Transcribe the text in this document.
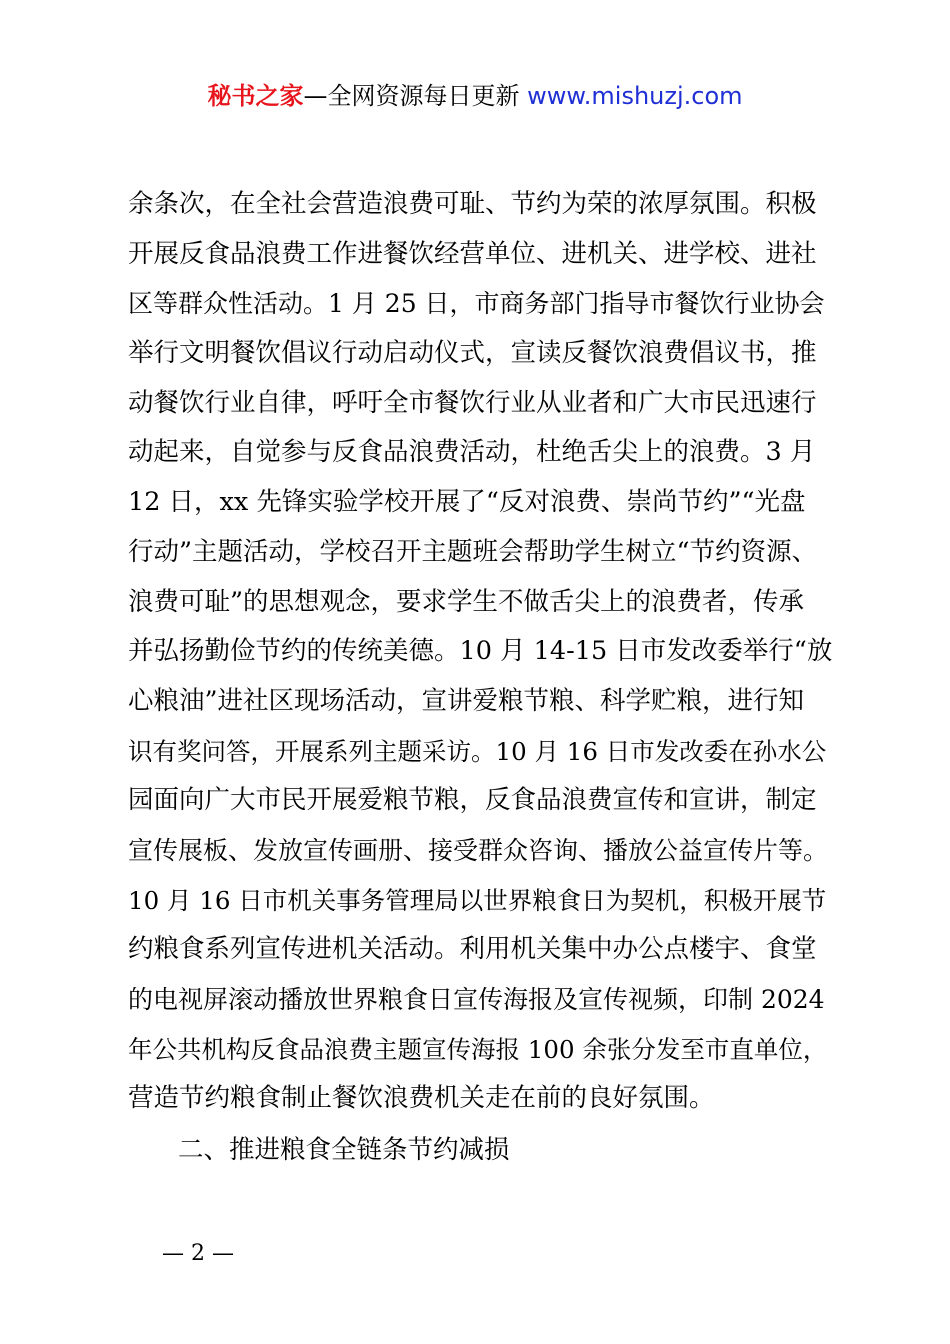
秘书之家—全网资源每日更新 www.mishuzj.com
余条次，在全社会营造浪费可耻、节约为荣的浓厚氛围。积极
开展反食品浪费工作进餐饮经营单位、进机关、进学校、进社
区等群众性活动。1 月 25 日，市商务部门指导市餐饮行业协会
举行文明餐饮倡议行动启动仪式，宣读反餐饮浪费倡议书，推
动餐饮行业自律，呼吁全市餐饮行业从业者和广大市民迅速行
动起来，自觉参与反食品浪费活动，杜绝舌尖上的浪费。3 月
12 日，xx 先锋实验学校开展了“反对浪费、崇尚节约”“光盘
行动”主题活动，学校召开主题班会帮助学生树立“节约资源、
浪费可耻”的思想观念，要求学生不做舌尖上的浪费者，传承
并弘扬勤俭节约的传统美德。10 月 14-15 日市发改委举行“放
心粮油”进社区现场活动，宣讲爱粮节粮、科学贮粮，进行知
识有奖问答，开展系列主题采访。10 月 16 日市发改委在孙水公
园面向广大市民开展爱粮节粮，反食品浪费宣传和宣讲，制定
宣传展板、发放宣传画册、接受群众咨询、播放公益宣传片等。
10 月 16 日市机关事务管理局以世界粮食日为契机，积极开展节
约粮食系列宣传进机关活动。利用机关集中办公点楼宇、食堂
的电视屏滚动播放世界粮食日宣传海报及宣传视频，印制 2024
年公共机构反食品浪费主题宣传海报 100 余张分发至市直单位，
营造节约粮食制止餐饮浪费机关走在前的良好氛围。
二、推进粮食全链条节约减损
— 2 —
